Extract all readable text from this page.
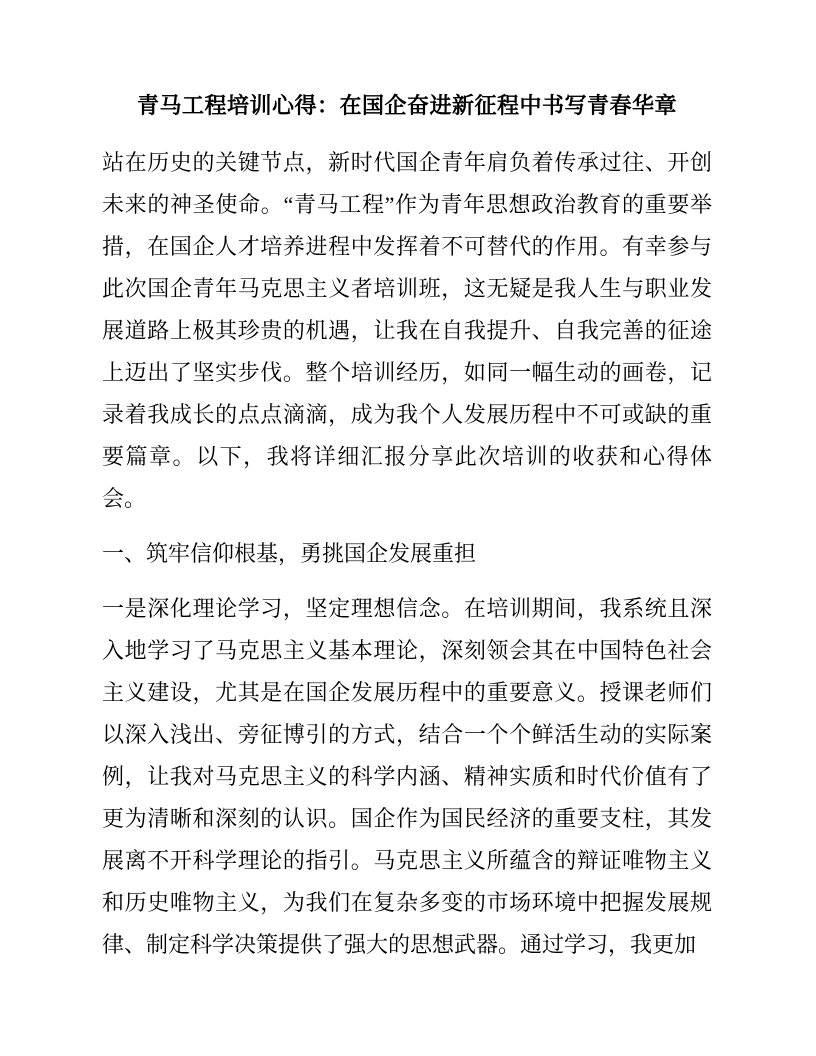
青马工程培训心得：在国企奋进新征程中书写青春华章

站在历史的关键节点，新时代国企青年肩负着传承过往、开创未来的神圣使命。“青马工程”作为青年思想政治教育的重要举措，在国企人才培养进程中发挥着不可替代的作用。有幸参与此次国企青年马克思主义者培训班，这无疑是我人生与职业发展道路上极其珍贵的机遇，让我在自我提升、自我完善的征途上迈出了坚实步伐。整个培训经历，如同一幅生动的画卷，记录着我成长的点点滴滴，成为我个人发展历程中不可或缺的重要篇章。以下，我将详细汇报分享此次培训的收获和心得体会。

一、筑牢信仰根基，勇挑国企发展重担

一是深化理论学习，坚定理想信念。在培训期间，我系统且深入地学习了马克思主义基本理论，深刻领会其在中国特色社会主义建设，尤其是在国企发展历程中的重要意义。授课老师们以深入浅出、旁征博引的方式，结合一个个鲜活生动的实际案例，让我对马克思主义的科学内涵、精神实质和时代价值有了更为清晰和深刻的认识。国企作为国民经济的重要支柱，其发展离不开科学理论的指引。马克思主义所蕴含的辩证唯物主义和历史唯物主义，为我们在复杂多变的市场环境中把握发展规律、制定科学决策提供了强大的思想武器。通过学习，我更加
